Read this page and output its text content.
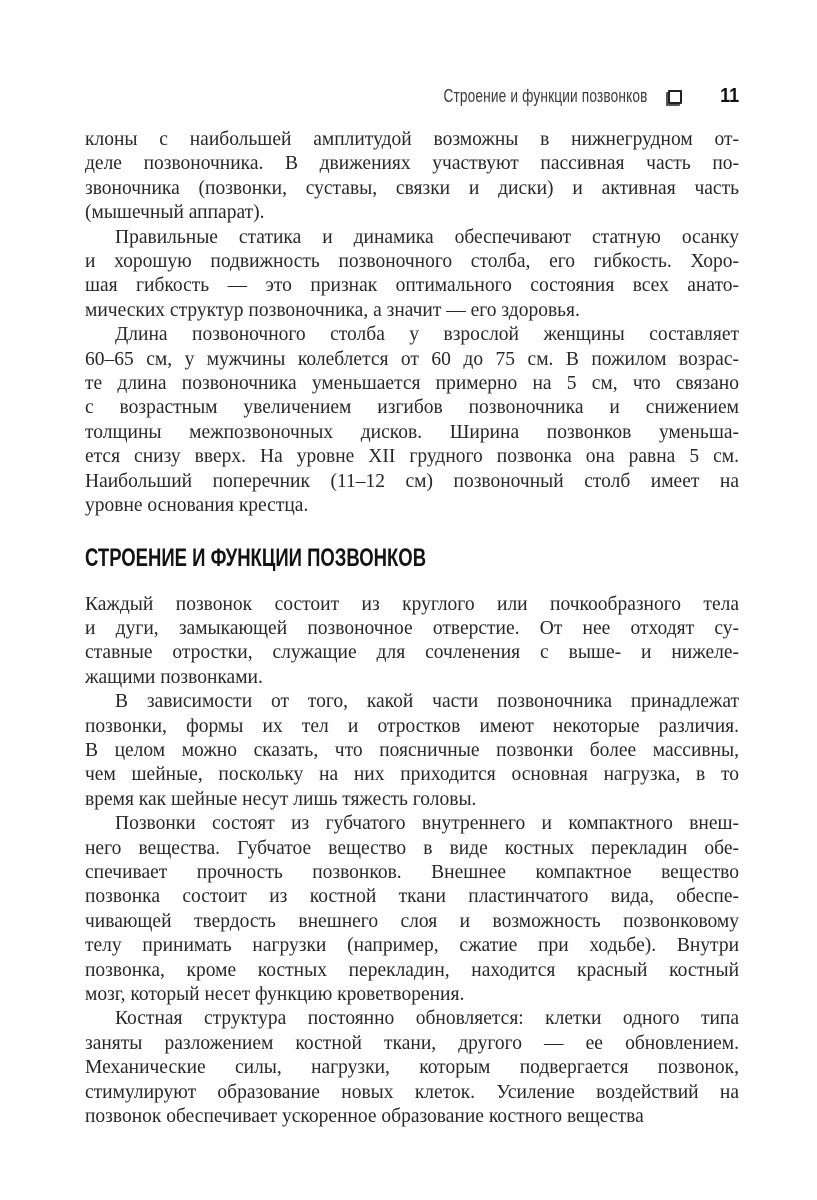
Строение и функции позвонков	11
клоны с наибольшей амплитудой возможны в нижнегрудном от-
деле позвоночника. В движениях участвуют пассивная часть по-
звоночника (позвонки, суставы, связки и диски) и активная часть
(мышечный аппарат).
Правильные статика и динамика обеспечивают статную осанку
и хорошую подвижность позвоночного столба, его гибкость. Хоро-
шая гибкость — это признак оптимального состояния всех анато-
мических структур позвоночника, а значит — его здоровья.
Длина позвоночного столба у взрослой женщины составляет
60–65 см, у мужчины колеблется от 60 до 75 см. В пожилом возрас-
те длина позвоночника уменьшается примерно на 5 см, что связано
с возрастным увеличением изгибов позвоночника и снижением
толщины межпозвоночных дисков. Ширина позвонков уменьша-
ется снизу вверх. На уровне XII грудного позвонка она равна 5 см.
Наибольший поперечник (11–12 см) позвоночный столб имеет на
уровне основания крестца.
СТРОЕНИЕ И ФУНКЦИИ ПОЗВОНКОВ
Каждый позвонок состоит из круглого или почкообразного тела
и дуги, замыкающей позвоночное отверстие. От нее отходят су-
ставные отростки, служащие для сочленения с выше- и нижеле-
жащими позвонками.
В зависимости от того, какой части позвоночника принадлежат
позвонки, формы их тел и отростков имеют некоторые различия.
В целом можно сказать, что поясничные позвонки более массивны,
чем шейные, поскольку на них приходится основная нагрузка, в то
время как шейные несут лишь тяжесть головы.
Позвонки состоят из губчатого внутреннего и компактного внеш-
него вещества. Губчатое вещество в виде костных перекладин обе-
спечивает прочность позвонков. Внешнее компактное вещество
позвонка состоит из костной ткани пластинчатого вида, обеспе-
чивающей твердость внешнего слоя и возможность позвонковому
телу принимать нагрузки (например, сжатие при ходьбе). Внутри
позвонка, кроме костных перекладин, находится красный костный
мозг, который несет функцию кроветворения.
Костная структура постоянно обновляется: клетки одного типа
заняты разложением костной ткани, другого — ее обновлением.
Механические силы, нагрузки, которым подвергается позвонок,
стимулируют образование новых клеток. Усиление воздействий на
позвонок обеспечивает ускоренное образование костного вещества
